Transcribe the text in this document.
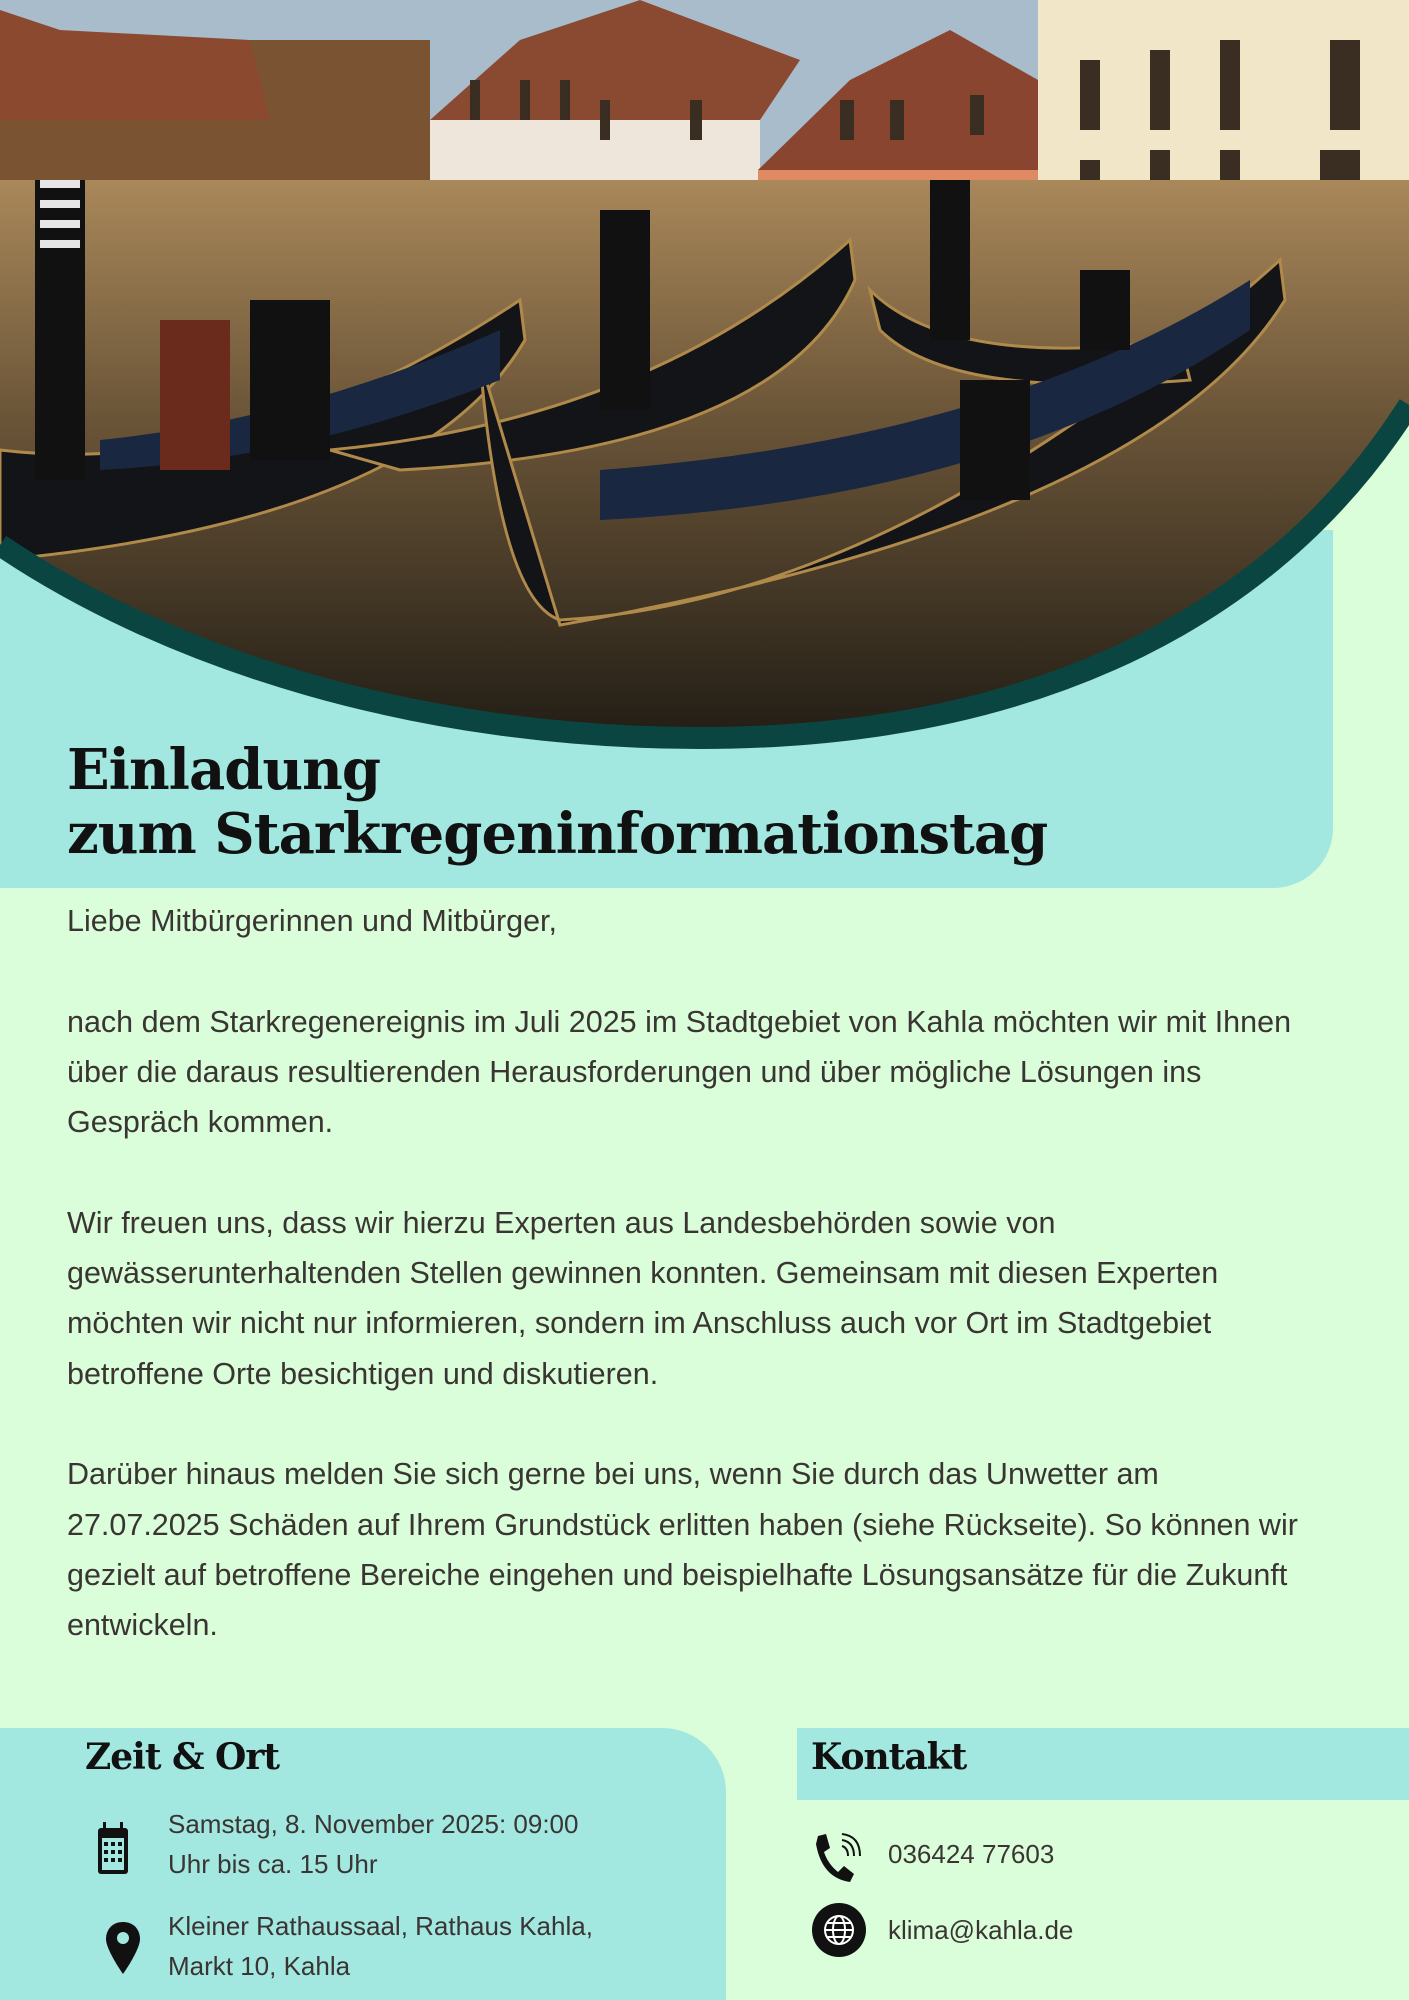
Einladung
zum Starkregeninformationstag

Liebe Mitbürgerinnen und Mitbürger,

nach dem Starkregenereignis im Juli 2025 im Stadtgebiet von Kahla möchten wir mit Ihnen über die daraus resultierenden Herausforderungen und über mögliche Lösungen ins Gespräch kommen.

Wir freuen uns, dass wir hierzu Experten aus Landesbehörden sowie von gewässerunterhaltenden Stellen gewinnen konnten. Gemeinsam mit diesen Experten möchten wir nicht nur informieren, sondern im Anschluss auch vor Ort im Stadtgebiet betroffene Orte besichtigen und diskutieren.

Darüber hinaus melden Sie sich gerne bei uns, wenn Sie durch das Unwetter am 27.07.2025 Schäden auf Ihrem Grundstück erlitten haben (siehe Rückseite). So können wir gezielt auf betroffene Bereiche eingehen und beispielhafte Lösungsansätze für die Zukunft entwickeln.

Zeit & Ort
Samstag, 8. November 2025: 09:00
Uhr bis ca. 15 Uhr
Kleiner Rathaussaal, Rathaus Kahla,
Markt 10, Kahla
Kontakt
036424 77603
klima@kahla.de
